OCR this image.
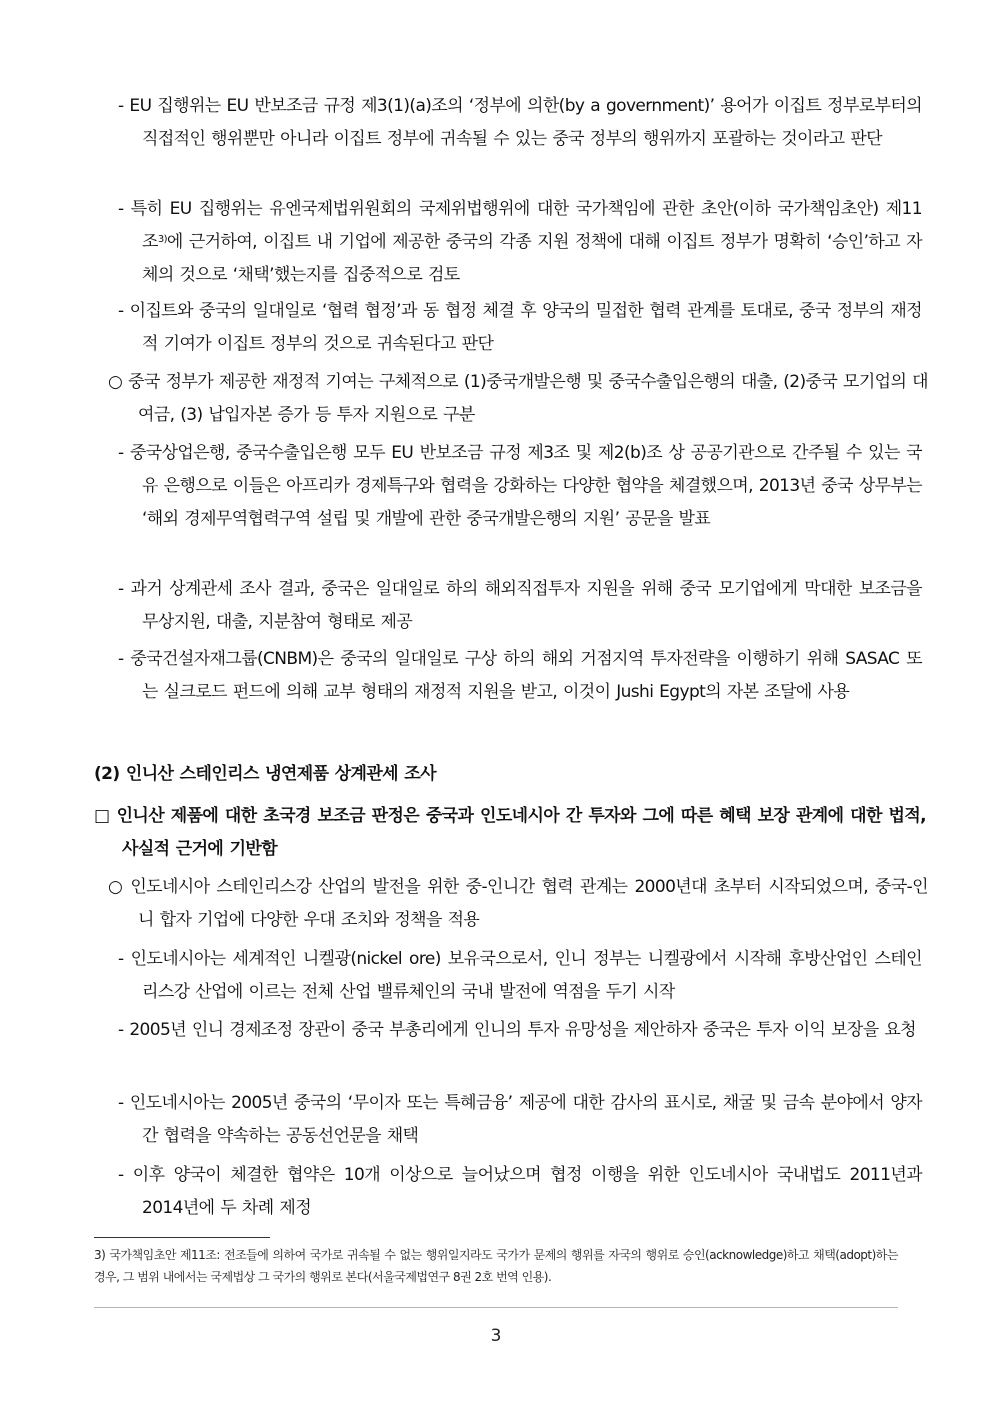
- EU 집행위는 EU 반보조금 규정 제3(1)(a)조의 ‘정부에 의한(by a government)’ 용어가 이집트 정부로부터의 직접적인 행위뿐만 아니라 이집트 정부에 귀속될 수 있는 중국 정부의 행위까지 포괄하는 것이라고 판단

- 특히 EU 집행위는 유엔국제법위원회의 국제위법행위에 대한 국가책임에 관한 초안(이하 국가책임초안) 제11조$^{3)}$에 근거하여, 이집트 내 기업에 제공한 중국의 각종 지원 정책에 대해 이집트 정부가 명확히 ‘승인’하고 자체의 것으로 ‘채택’했는지를 집중적으로 검토

- 이집트와 중국의 일대일로 ‘협력 협정’과 동 협정 체결 후 양국의 밀접한 협력 관계를 토대로, 중국 정부의 재정적 기여가 이집트 정부의 것으로 귀속된다고 판단

○ 중국 정부가 제공한 재정적 기여는 구체적으로 (1)중국개발은행 및 중국수출입은행의 대출, (2)중국 모기업의 대여금, (3) 납입자본 증가 등 투자 지원으로 구분

- 중국상업은행, 중국수출입은행 모두 EU 반보조금 규정 제3조 및 제2(b)조 상 공공기관으로 간주될 수 있는 국유 은행으로 이들은 아프리카 경제특구와 협력을 강화하는 다양한 협약을 체결했으며, 2013년 중국 상무부는 ‘해외 경제무역협력구역 설립 및 개발에 관한 중국개발은행의 지원’ 공문을 발표

- 과거 상계관세 조사 결과, 중국은 일대일로 하의 해외직접투자 지원을 위해 중국 모기업에게 막대한 보조금을 무상지원, 대출, 지분참여 형태로 제공

- 중국건설자재그룹(CNBM)은 중국의 일대일로 구상 하의 해외 거점지역 투자전략을 이행하기 위해 SASAC 또는 실크로드 펀드에 의해 교부 형태의 재정적 지원을 받고, 이것이 Jushi Egypt의 자본 조달에 사용

(2) 인니산 스테인리스 냉연제품 상계관세 조사

□ 인니산 제품에 대한 초국경 보조금 판정은 중국과 인도네시아 간 투자와 그에 따른 혜택 보장 관계에 대한 법적, 사실적 근거에 기반함

○ 인도네시아 스테인리스강 산업의 발전을 위한 중-인니간 협력 관계는 2000년대 초부터 시작되었으며, 중국-인니 합자 기업에 다양한 우대 조치와 정책을 적용

- 인도네시아는 세계적인 니켈광(nickel ore) 보유국으로서, 인니 정부는 니켈광에서 시작해 후방산업인 스테인리스강 산업에 이르는 전체 산업 밸류체인의 국내 발전에 역점을 두기 시작

- 2005년 인니 경제조정 장관이 중국 부총리에게 인니의 투자 유망성을 제안하자 중국은 투자 이익 보장을 요청

- 인도네시아는 2005년 중국의 ‘무이자 또는 특혜금융’ 제공에 대한 감사의 표시로, 채굴 및 금속 분야에서 양자 간 협력을 약속하는 공동선언문을 채택

- 이후 양국이 체결한 협약은 10개 이상으로 늘어났으며 협정 이행을 위한 인도네시아 국내법도 2011년과 2014년에 두 차례 제정

3) 국가책임초안 제11조: 전조들에 의하여 국가로 귀속될 수 없는 행위일지라도 국가가 문제의 행위를 자국의 행위로 승인(acknowledge)하고 채택(adopt)하는 경우, 그 범위 내에서는 국제법상 그 국가의 행위로 본다(서울국제법연구 8권 2호 번역 인용).

3
